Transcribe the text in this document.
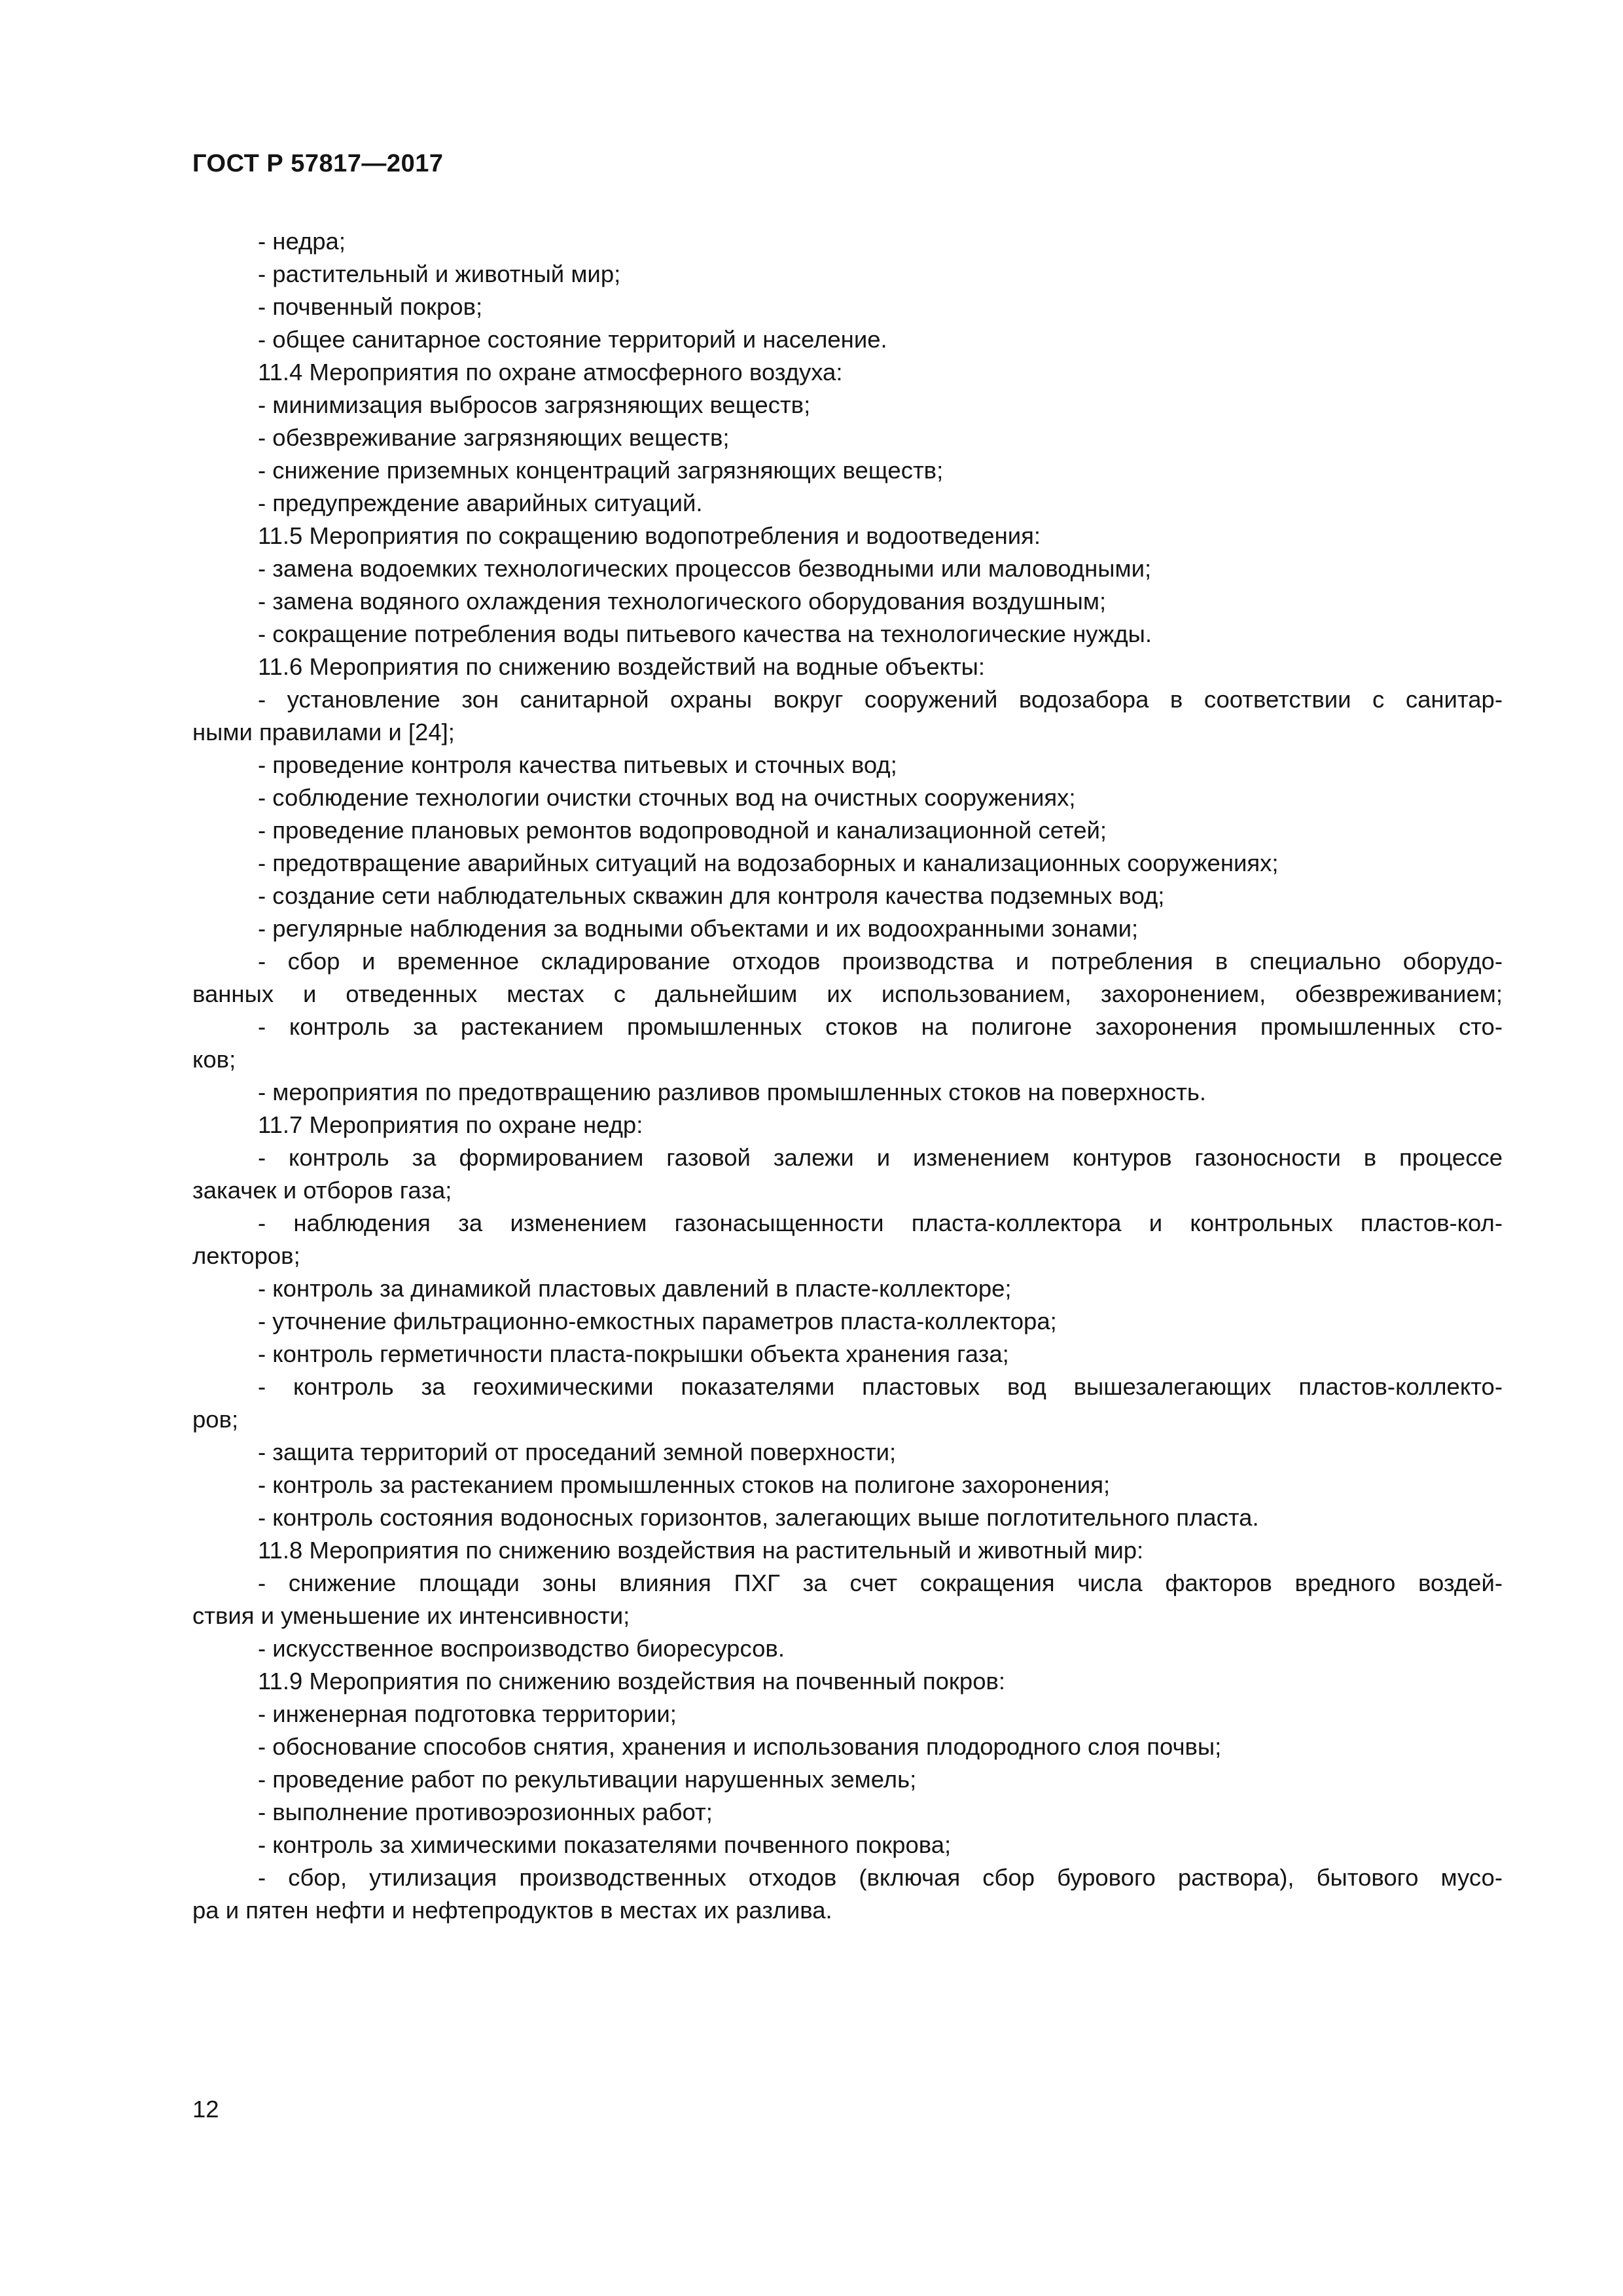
ГОСТ Р 57817—2017
- недра;
- растительный и животный мир;
- почвенный покров;
- общее санитарное состояние территорий и население.
11.4 Мероприятия по охране атмосферного воздуха:
- минимизация выбросов загрязняющих веществ;
- обезвреживание загрязняющих веществ;
- снижение приземных концентраций загрязняющих веществ;
- предупреждение аварийных ситуаций.
11.5 Мероприятия по сокращению водопотребления и водоотведения:
- замена водоемких технологических процессов безводными или маловодными;
- замена водяного охлаждения технологического оборудования воздушным;
- сокращение потребления воды питьевого качества на технологические нужды.
11.6 Мероприятия по снижению воздействий на водные объекты:
- установление зон санитарной охраны вокруг сооружений водозабора в соответствии с санитар-
ными правилами и [24];
- проведение контроля качества питьевых и сточных вод;
- соблюдение технологии очистки сточных вод на очистных сооружениях;
- проведение плановых ремонтов водопроводной и канализационной сетей;
- предотвращение аварийных ситуаций на водозаборных и канализационных сооружениях;
- создание сети наблюдательных скважин для контроля качества подземных вод;
- регулярные наблюдения за водными объектами и их водоохранными зонами;
- сбор и временное складирование отходов производства и потребления в специально оборудо-
ванных и отведенных местах с дальнейшим их использованием, захоронением, обезвреживанием;
- контроль за растеканием промышленных стоков на полигоне захоронения промышленных сто-
ков;
- мероприятия по предотвращению разливов промышленных стоков на поверхность.
11.7 Мероприятия по охране недр:
- контроль за формированием газовой залежи и изменением контуров газоносности в процессе
закачек и отборов газа;
- наблюдения за изменением газонасыщенности пласта-коллектора и контрольных пластов-кол-
лекторов;
- контроль за динамикой пластовых давлений в пласте-коллекторе;
- уточнение фильтрационно-емкостных параметров пласта-коллектора;
- контроль герметичности пласта-покрышки объекта хранения газа;
- контроль за геохимическими показателями пластовых вод вышезалегающих пластов-коллекто-
ров;
- защита территорий от проседаний земной поверхности;
- контроль за растеканием промышленных стоков на полигоне захоронения;
- контроль состояния водоносных горизонтов, залегающих выше поглотительного пласта.
11.8 Мероприятия по снижению воздействия на растительный и животный мир:
- снижение площади зоны влияния ПХГ за счет сокращения числа факторов вредного воздей-
ствия и уменьшение их интенсивности;
- искусственное воспроизводство биоресурсов.
11.9 Мероприятия по снижению воздействия на почвенный покров:
- инженерная подготовка территории;
- обоснование способов снятия, хранения и использования плодородного слоя почвы;
- проведение работ по рекультивации нарушенных земель;
- выполнение противоэрозионных работ;
- контроль за химическими показателями почвенного покрова;
- сбор, утилизация производственных отходов (включая сбор бурового раствора), бытового мусо-
ра и пятен нефти и нефтепродуктов в местах их разлива.
12
